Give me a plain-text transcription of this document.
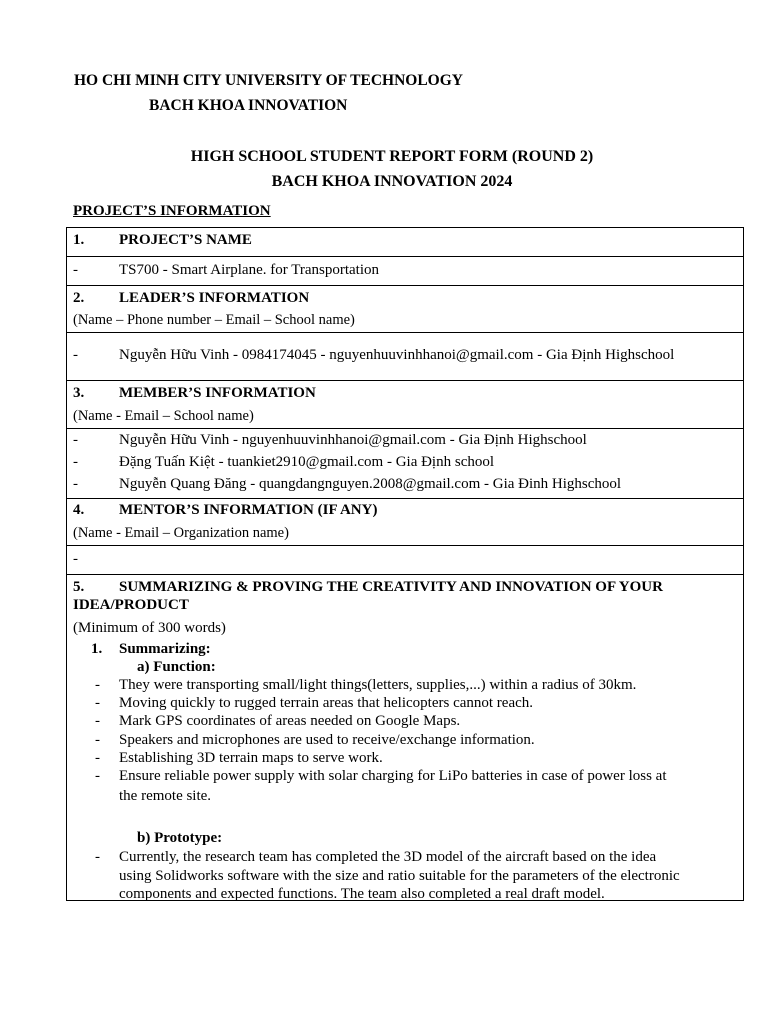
HO CHI MINH CITY UNIVERSITY OF TECHNOLOGY
BACH KHOA INNOVATION
HIGH SCHOOL STUDENT REPORT FORM (ROUND 2)
BACH KHOA INNOVATION 2024
PROJECT’S INFORMATION
1. PROJECT’S NAME
-	TS700 - Smart Airplane. for Transportation
2. LEADER’S INFORMATION
(Name – Phone number – Email – School name)
-	Nguyễn Hữu Vinh - 0984174045 - nguyenhuuvinhhanoi@gmail.com - Gia Định Highschool
3. MEMBER’S INFORMATION
(Name - Email – School name)
-	Nguyễn Hữu Vinh - nguyenhuuvinhhanoi@gmail.com - Gia Định Highschool
-	Đặng Tuấn Kiệt - tuankiet2910@gmail.com - Gia Định school
-	Nguyễn Quang Đăng - quangdangnguyen.2008@gmail.com - Gia Đinh Highschool
4. MENTOR’S INFORMATION (IF ANY)
(Name - Email – Organization name)
-
5. SUMMARIZING & PROVING THE CREATIVITY AND INNOVATION OF YOUR
IDEA/PRODUCT
(Minimum of 300 words)
1. Summarizing:
a) Function:
- They were transporting small/light things(letters, supplies,...) within a radius of 30km.
- Moving quickly to rugged terrain areas that helicopters cannot reach.
- Mark GPS coordinates of areas needed on Google Maps.
- Speakers and microphones are used to receive/exchange information.
- Establishing 3D terrain maps to serve work.
- Ensure reliable power supply with solar charging for LiPo batteries in case of power loss at
the remote site.
b) Prototype:
- Currently, the research team has completed the 3D model of the aircraft based on the idea
using Solidworks software with the size and ratio suitable for the parameters of the electronic
components and expected functions. The team also completed a real draft model.
